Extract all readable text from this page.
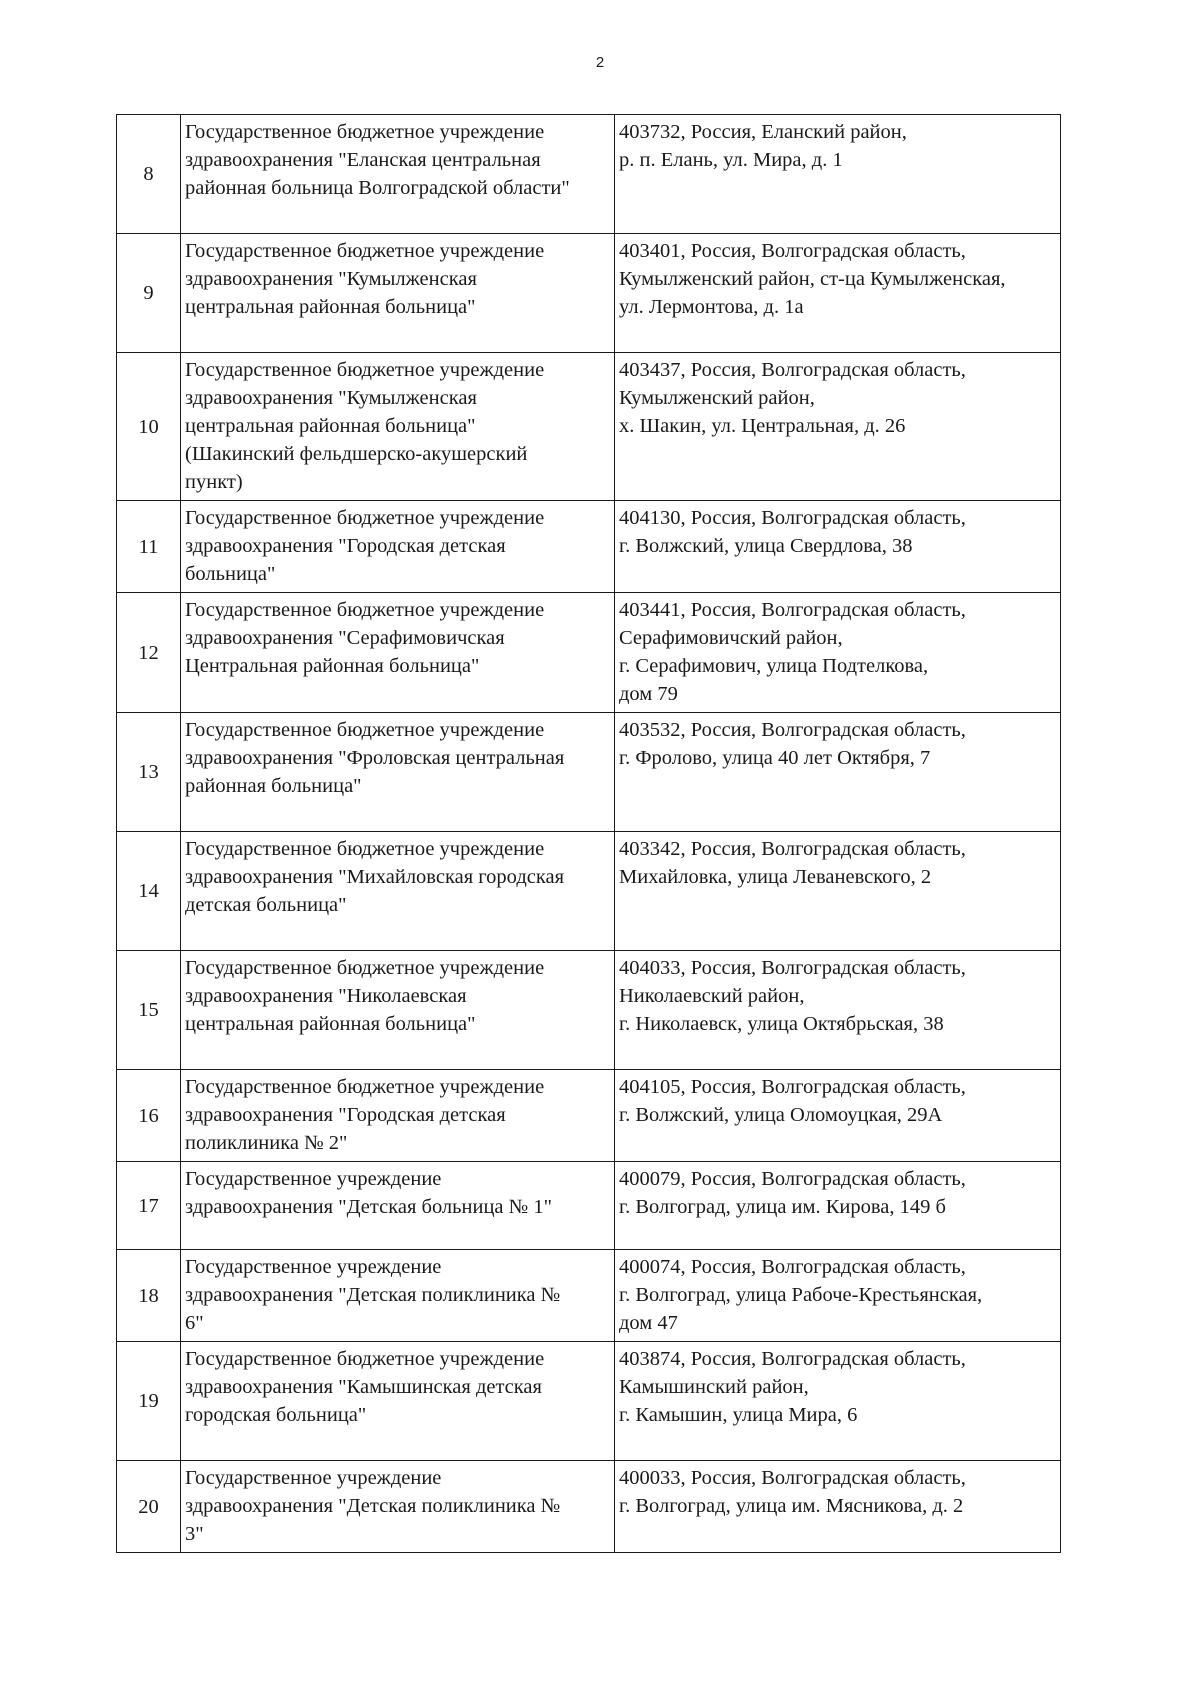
2
8	Государственное бюджетное учреждение
здравоохранения "Еланская центральная
районная больница Волгоградской области"	403732, Россия, Еланский район,
р. п. Елань, ул. Мира, д. 1

9	Государственное бюджетное учреждение
здравоохранения "Кумылженская
центральная районная больница"	403401, Россия, Волгоградская область,
Кумылженский район, ст-ца Кумылженская,
ул. Лермонтова, д. 1а

10	Государственное бюджетное учреждение
здравоохранения "Кумылженская
центральная районная больница"
(Шакинский фельдшерско-акушерский
пункт)	403437, Россия, Волгоградская область,
Кумылженский район,
х. Шакин, ул. Центральная, д. 26

11	Государственное бюджетное учреждение
здравоохранения "Городская детская
больница"	404130, Россия, Волгоградская область,
г. Волжский, улица Свердлова, 38

12	Государственное бюджетное учреждение
здравоохранения "Серафимовичская
Центральная районная больница"	403441, Россия, Волгоградская область,
Серафимовичский район,
г. Серафимович, улица Подтелкова,
дом 79

13	Государственное бюджетное учреждение
здравоохранения "Фроловская центральная
районная больница"	403532, Россия, Волгоградская область,
г. Фролово, улица 40 лет Октября, 7

14	Государственное бюджетное учреждение
здравоохранения "Михайловская городская
детская больница"	403342, Россия, Волгоградская область,
Михайловка, улица Леваневского, 2

15	Государственное бюджетное учреждение
здравоохранения "Николаевская
центральная районная больница"	404033, Россия, Волгоградская область,
Николаевский район,
г. Николаевск, улица Октябрьская, 38

16	Государственное бюджетное учреждение
здравоохранения "Городская детская
поликлиника № 2"	404105, Россия, Волгоградская область,
г. Волжский, улица Оломоуцкая, 29А

17	Государственное учреждение
здравоохранения "Детская больница № 1"	400079, Россия, Волгоградская область,
г. Волгоград, улица им. Кирова, 149 б

18	Государственное учреждение
здравоохранения "Детская поликлиника №
6"	400074, Россия, Волгоградская область,
г. Волгоград, улица Рабоче-Крестьянская,
дом 47

19	Государственное бюджетное учреждение
здравоохранения "Камышинская детская
городская больница"	403874, Россия, Волгоградская область,
Камышинский район,
г. Камышин, улица Мира, 6

20	Государственное учреждение
здравоохранения "Детская поликлиника №
3"	400033, Россия, Волгоградская область,
г. Волгоград, улица им. Мясникова, д. 2
